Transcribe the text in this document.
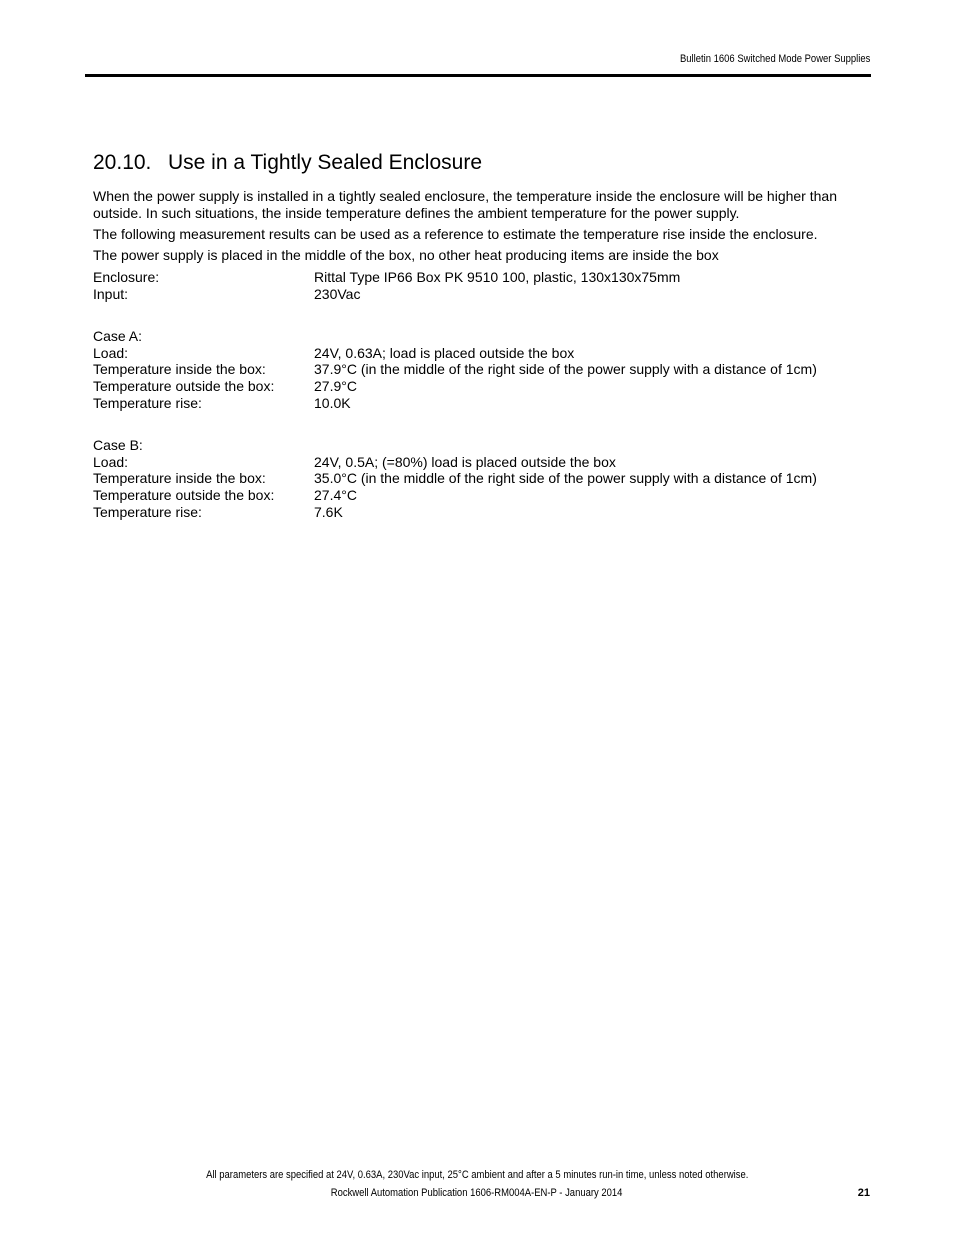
Bulletin 1606 Switched Mode Power Supplies
20.10. Use in a Tightly Sealed Enclosure
When the power supply is installed in a tightly sealed enclosure, the temperature inside the enclosure will be higher than outside. In such situations, the inside temperature defines the ambient temperature for the power supply.
The following measurement results can be used as a reference to estimate the temperature rise inside the enclosure.
The power supply is placed in the middle of the box, no other heat producing items are inside the box
Enclosure:	Rittal Type IP66 Box PK 9510 100, plastic, 130x130x75mm
Input:	230Vac
Case A:
Load:	24V, 0.63A; load is placed outside the box
Temperature inside the box:	37.9°C (in the middle of the right side of the power supply with a distance of 1cm)
Temperature outside the box:	27.9°C
Temperature rise:	10.0K
Case B:
Load:	24V, 0.5A; (=80%) load is placed outside the box
Temperature inside the box:	35.0°C (in the middle of the right side of the power supply with a distance of 1cm)
Temperature outside the box:	27.4°C
Temperature rise:	7.6K
All parameters are specified at 24V, 0.63A, 230Vac input, 25°C ambient and after a 5 minutes run-in time, unless noted otherwise.
Rockwell Automation Publication 1606-RM004A-EN-P - January 2014	21
